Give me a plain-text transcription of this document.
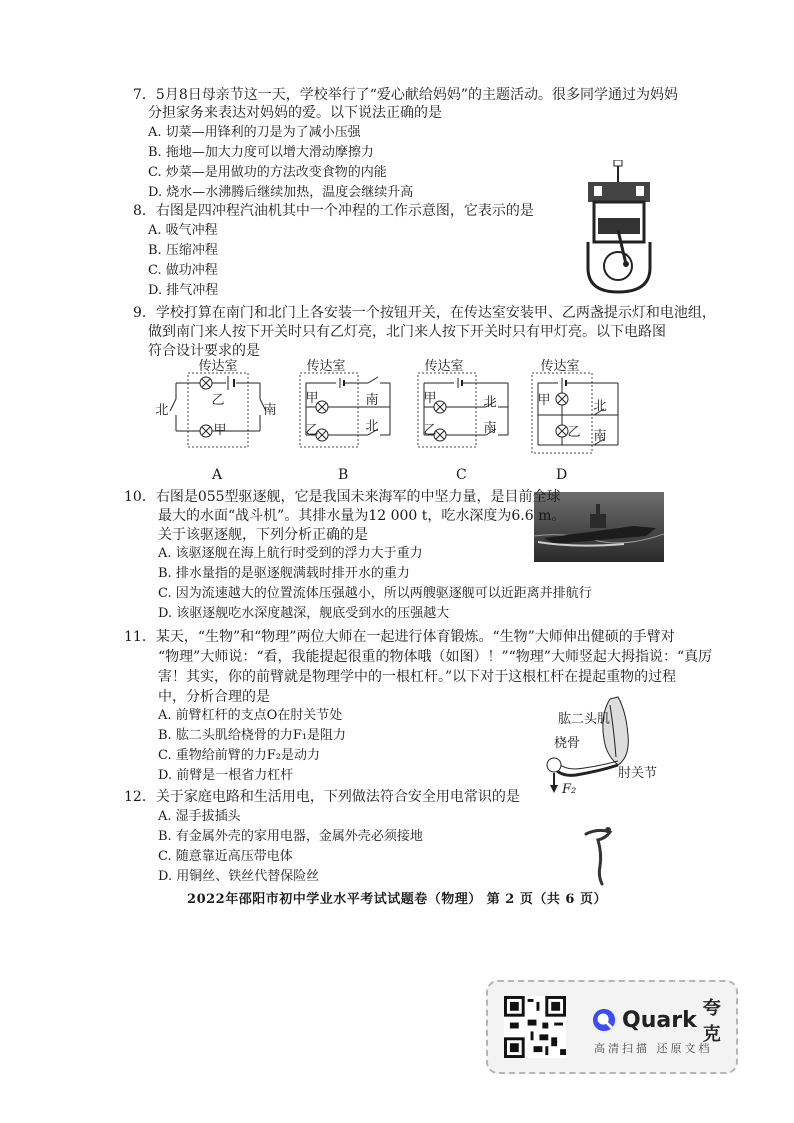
7．5月8日母亲节这一天，学校举行了“爱心献给妈妈”的主题活动。很多同学通过为妈妈
分担家务来表达对妈妈的爱。以下说法正确的是
A. 切菜—用锋利的刀是为了减小压强
B. 拖地—加大力度可以增大滑动摩擦力
C. 炒菜—是用做功的方法改变食物的内能
D. 烧水—水沸腾后继续加热，温度会继续升高
8．右图是四冲程汽油机其中一个冲程的工作示意图，它表示的是
A. 吸气冲程
B. 压缩冲程
C. 做功冲程
D. 排气冲程
9．学校打算在南门和北门上各安装一个按钮开关，在传达室安装甲、乙两盏提示灯和电池组，
做到南门来人按下开关时只有乙灯亮，北门来人按下开关时只有甲灯亮。以下电路图
符合设计要求的是
传达室
乙
甲
北	南
A
传达室
甲
乙
南
北
B
传达室
甲
乙
北
南
C
传达室
甲
乙
北
南
D
10．右图是055型驱逐舰，它是我国未来海军的中坚力量，是目前全球
最大的水面“战斗机”。其排水量为12 000 t，吃水深度为6.6 m。
关于该驱逐舰，下列分析正确的是
A. 该驱逐舰在海上航行时受到的浮力大于重力
B. 排水量指的是驱逐舰满载时排开水的重力
C. 因为流速越大的位置流体压强越小，所以两艘驱逐舰可以近距离并排航行
D. 该驱逐舰吃水深度越深，舰底受到水的压强越大
11．某天，“生物”和“物理”两位大师在一起进行体育锻炼。“生物”大师伸出健硕的手臂对
“物理”大师说：“看，我能提起很重的物体哦（如图）！”“物理”大师竖起大拇指说：“真厉
害！其实，你的前臂就是物理学中的一根杠杆。”以下对于这根杠杆在提起重物的过程
中，分析合理的是
A. 前臂杠杆的支点O在肘关节处
B. 肱二头肌给桡骨的力F₁是阻力
C. 重物给前臂的力F₂是动力
D. 前臂是一根省力杠杆
肱二头肌
桡骨
肘关节
F₂
12．关于家庭电路和生活用电，下列做法符合安全用电常识的是
A. 湿手拔插头
B. 有金属外壳的家用电器，金属外壳必须接地
C. 随意靠近高压带电体
D. 用铜丝、铁丝代替保险丝
2022年邵阳市初中学业水平考试试题卷（物理） 第 2 页（共 6 页）
Quark 夸克
高清扫描 还原文档
